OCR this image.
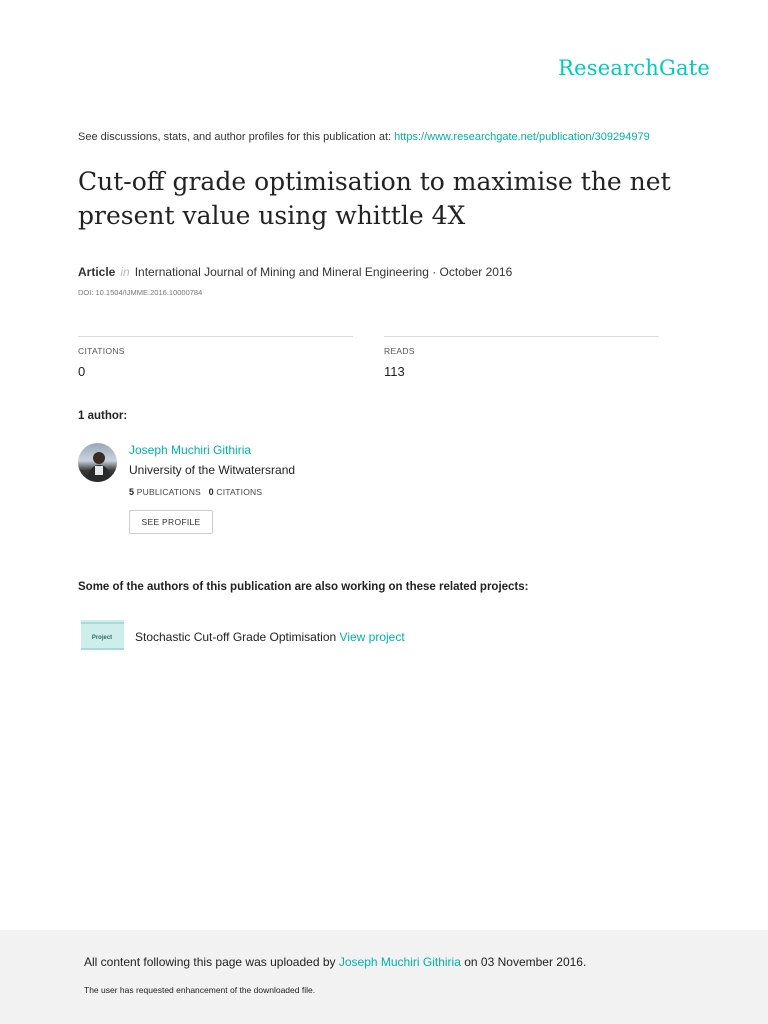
ResearchGate
See discussions, stats, and author profiles for this publication at: https://www.researchgate.net/publication/309294979
Cut-off grade optimisation to maximise the net present value using whittle 4X
Article in International Journal of Mining and Mineral Engineering · October 2016
DOI: 10.1504/IJMME.2016.10000784
CITATIONS
0
READS
113
1 author:
Joseph Muchiri Githiria
University of the Witwatersrand
5 PUBLICATIONS 0 CITATIONS
SEE PROFILE
Some of the authors of this publication are also working on these related projects:
Project Stochastic Cut-off Grade Optimisation View project
All content following this page was uploaded by Joseph Muchiri Githiria on 03 November 2016.
The user has requested enhancement of the downloaded file.
